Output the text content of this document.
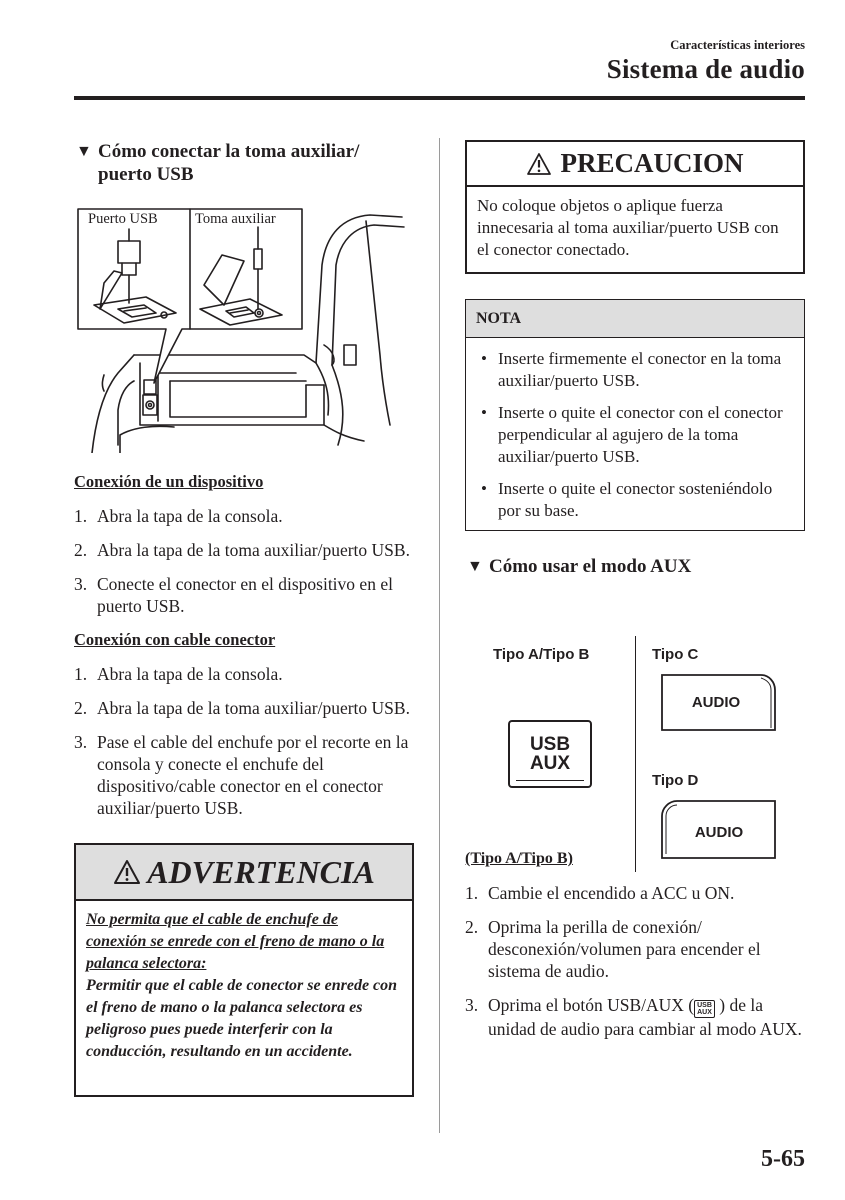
Características interiores
Sistema de audio
▼ Cómo conectar la toma auxiliar/ puerto USB
Puerto USB	Toma auxiliar
Conexión de un dispositivo
1. Abra la tapa de la consola.
2. Abra la tapa de la toma auxiliar/puerto USB.
3. Conecte el conector en el dispositivo en el puerto USB.
Conexión con cable conector
1. Abra la tapa de la consola.
2. Abra la tapa de la toma auxiliar/puerto USB.
3. Pase el cable del enchufe por el recorte en la consola y conecte el enchufe del dispositivo/cable conector en el conector auxiliar/puerto USB.
ADVERTENCIA
No permita que el cable de enchufe de conexión se enrede con el freno de mano o la palanca selectora:
Permitir que el cable de conector se enrede con el freno de mano o la palanca selectora es peligroso pues puede interferir con la conducción, resultando en un accidente.
PRECAUCION
No coloque objetos o aplique fuerza innecesaria al toma auxiliar/puerto USB con el conector conectado.
NOTA
• Inserte firmemente el conector en la toma auxiliar/puerto USB.
• Inserte o quite el conector con el conector perpendicular al agujero de la toma auxiliar/puerto USB.
• Inserte o quite el conector sosteniéndolo por su base.
▼ Cómo usar el modo AUX
Tipo A/Tipo B	Tipo C
Tipo D
USB
AUX
AUDIO
AUDIO
(Tipo A/Tipo B)
1. Cambie el encendido a ACC u ON.
2. Oprima la perilla de conexión/ desconexión/volumen para encender el sistema de audio.
3. Oprima el botón USB/AUX ( USB
AUX ) de la unidad de audio para cambiar al modo AUX.
5-65
